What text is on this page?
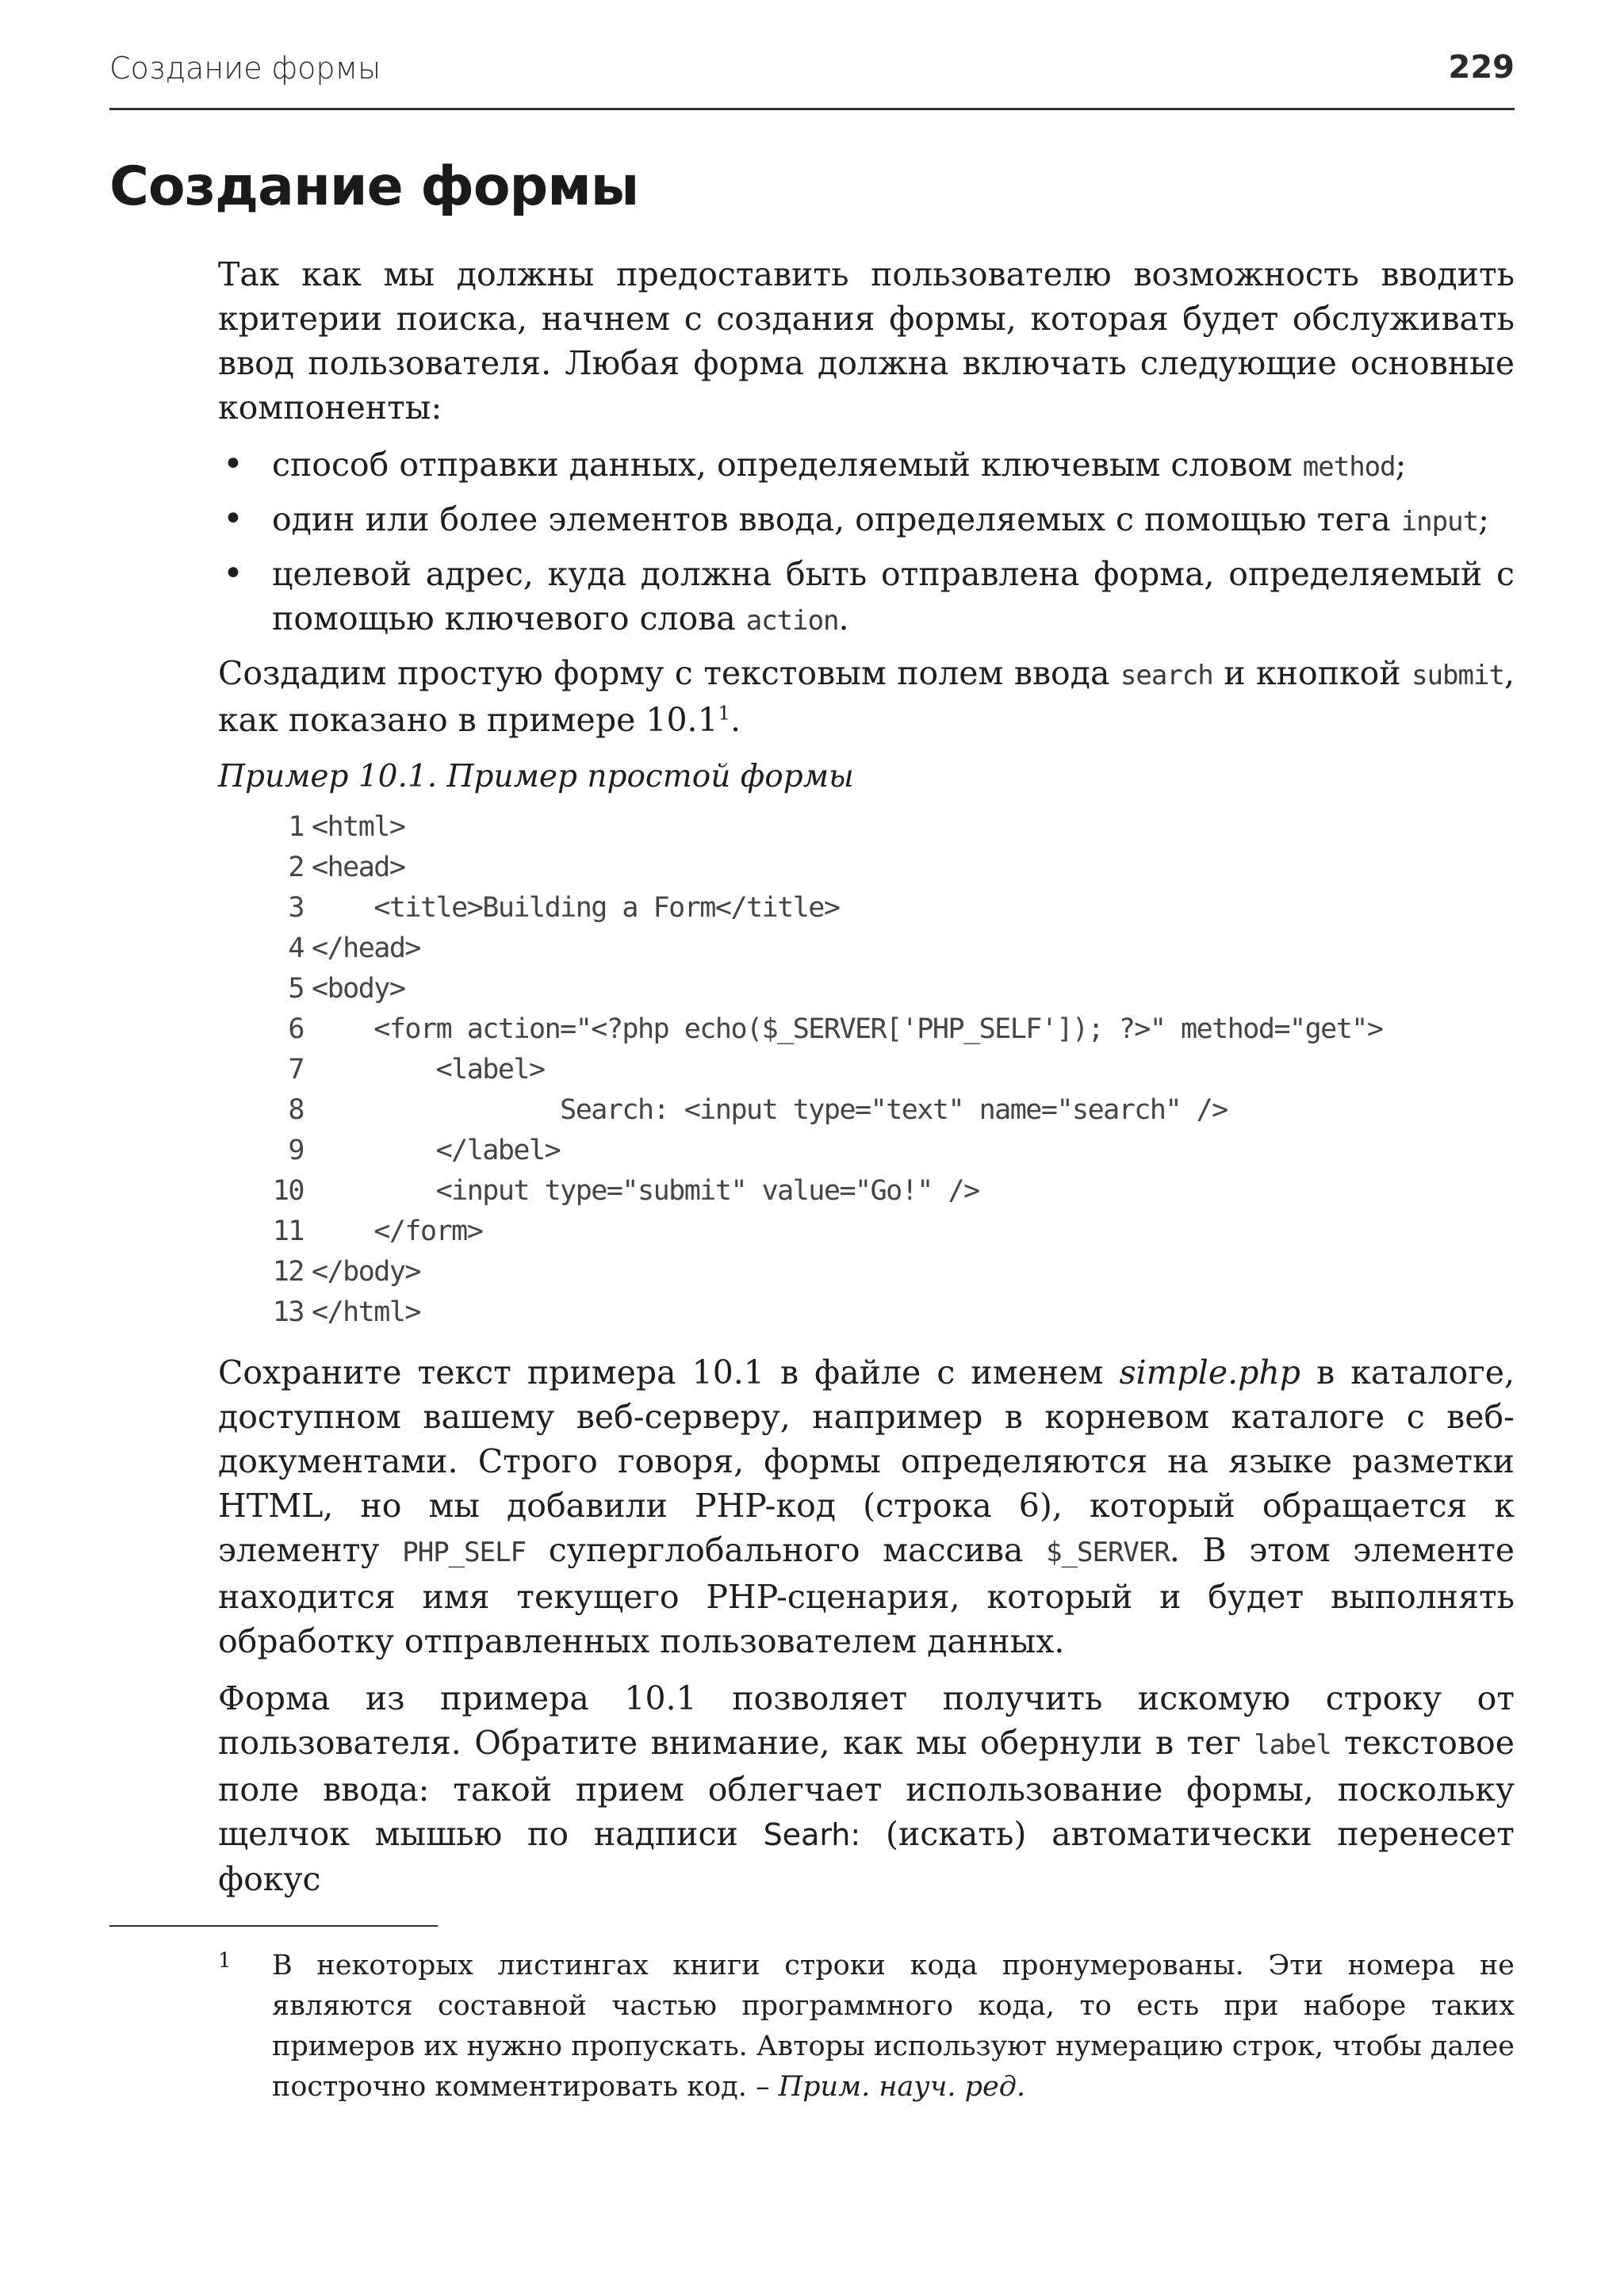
Создание формы	229
Создание формы

Так как мы должны предоставить пользователю возможность вводить критерии поиска, начнем с создания формы, которая будет обслуживать ввод пользователя. Любая форма должна включать следующие основные компоненты:

• способ отправки данных, определяемый ключевым словом method;
• один или более элементов ввода, определяемых с помощью тега input;
• целевой адрес, куда должна быть отправлена форма, определяемый с помощью ключевого слова action.

Создадим простую форму с текстовым полем ввода search и кнопкой submit, как показано в примере 10.1$^1$.

Пример 10.1. Пример простой формы
1 <html>
2 <head>
3    <title>Building a Form</title>
4 </head>
5 <body>
6    <form action="<?php echo($_SERVER['PHP_SELF']); ?>" method="get">
7        <label>
8                Search: <input type="text" name="search" />
9        </label>
10        <input type="submit" value="Go!" />
11    </form>
12 </body>
13 </html>

Сохраните текст примера 10.1 в файле с именем simple.php в каталоге, доступном вашему веб-серверу, например в корневом каталоге с веб-документами. Строго говоря, формы определяются на языке разметки HTML, но мы добавили PHP-код (строка 6), который обращается к элементу PHP_SELF суперглобального массива $_SERVER. В этом элементе находится имя текущего PHP-сценария, который и будет выполнять обработку отправленных пользователем данных.

Форма из примера 10.1 позволяет получить искомую строку от пользователя. Обратите внимание, как мы обернули в тег label текстовое поле ввода: такой прием облегчает использование формы, поскольку щелчок мышью по надписи Searh: (искать) автоматически перенесет фокус

1 В некоторых листингах книги строки кода пронумерованы. Эти номера не являются составной частью программного кода, то есть при наборе таких примеров их нужно пропускать. Авторы используют нумерацию строк, чтобы далее построчно комментировать код. – Прим. науч. ред.
